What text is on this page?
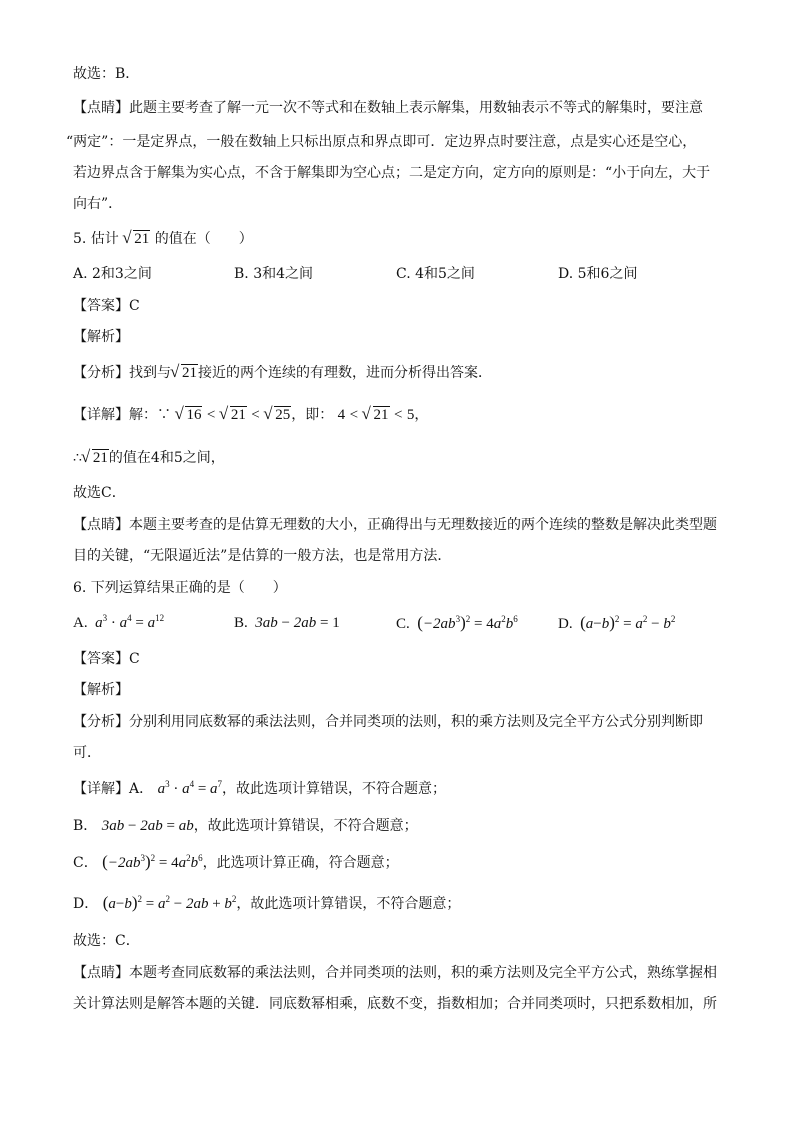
故选：B．
【点睛】此题主要考查了解一元一次不等式和在数轴上表示解集，用数轴表示不等式的解集时，要注意
“两定”：一是定界点，一般在数轴上只标出原点和界点即可．定边界点时要注意，点是实心还是空心，
若边界点含于解集为实心点，不含于解集即为空心点；二是定方向，定方向的原则是：“小于向左，大于
向右”．
5. 估计 √ 21 的值在（　　）
A. 2和3之间	B. 3和4之间	C. 4和5之间	D. 5和6之间
【答案】C
【解析】
【分析】找到与 √ 21接近的两个连续的有理数，进而分析得出答案．
【详解】解：∵ √ 16 < √ 21 < √ 25，即： 4 < √ 21 < 5，
∴ √ 21的值在4和5之间，
故选C．
【点睛】本题主要考查的是估算无理数的大小，正确得出与无理数接近的两个连续的整数是解决此类型题
目的关键，“无限逼近法”是估算的一般方法，也是常用方法．
6. 下列运算结果正确的是（　　）
A. $a^3 \cdot a^4 = a^{12}$	B. 3ab − 2ab = 1	C. $(-2ab^3)^2 = 4a^2b^6$	D. $(a-b)^2 = a^2 - b^2$
【答案】C
【解析】
【分析】分别利用同底数幂的乘法法则，合并同类项的法则，积的乘方法则及完全平方公式分别判断即
可．
【详解】A． $a^3 \cdot a^4 = a^7$，故此选项计算错误，不符合题意；
B． 3ab − 2ab = ab，故此选项计算错误，不符合题意；
C． $(-2ab^3)^2 = 4a^2b^6$，此选项计算正确，符合题意；
D． $(a-b)^2 = a^2 - 2ab + b^2$，故此选项计算错误，不符合题意；
故选：C．
【点睛】本题考查同底数幂的乘法法则，合并同类项的法则，积的乘方法则及完全平方公式，熟练掌握相
关计算法则是解答本题的关键．同底数幂相乘，底数不变，指数相加；合并同类项时，只把系数相加，所
